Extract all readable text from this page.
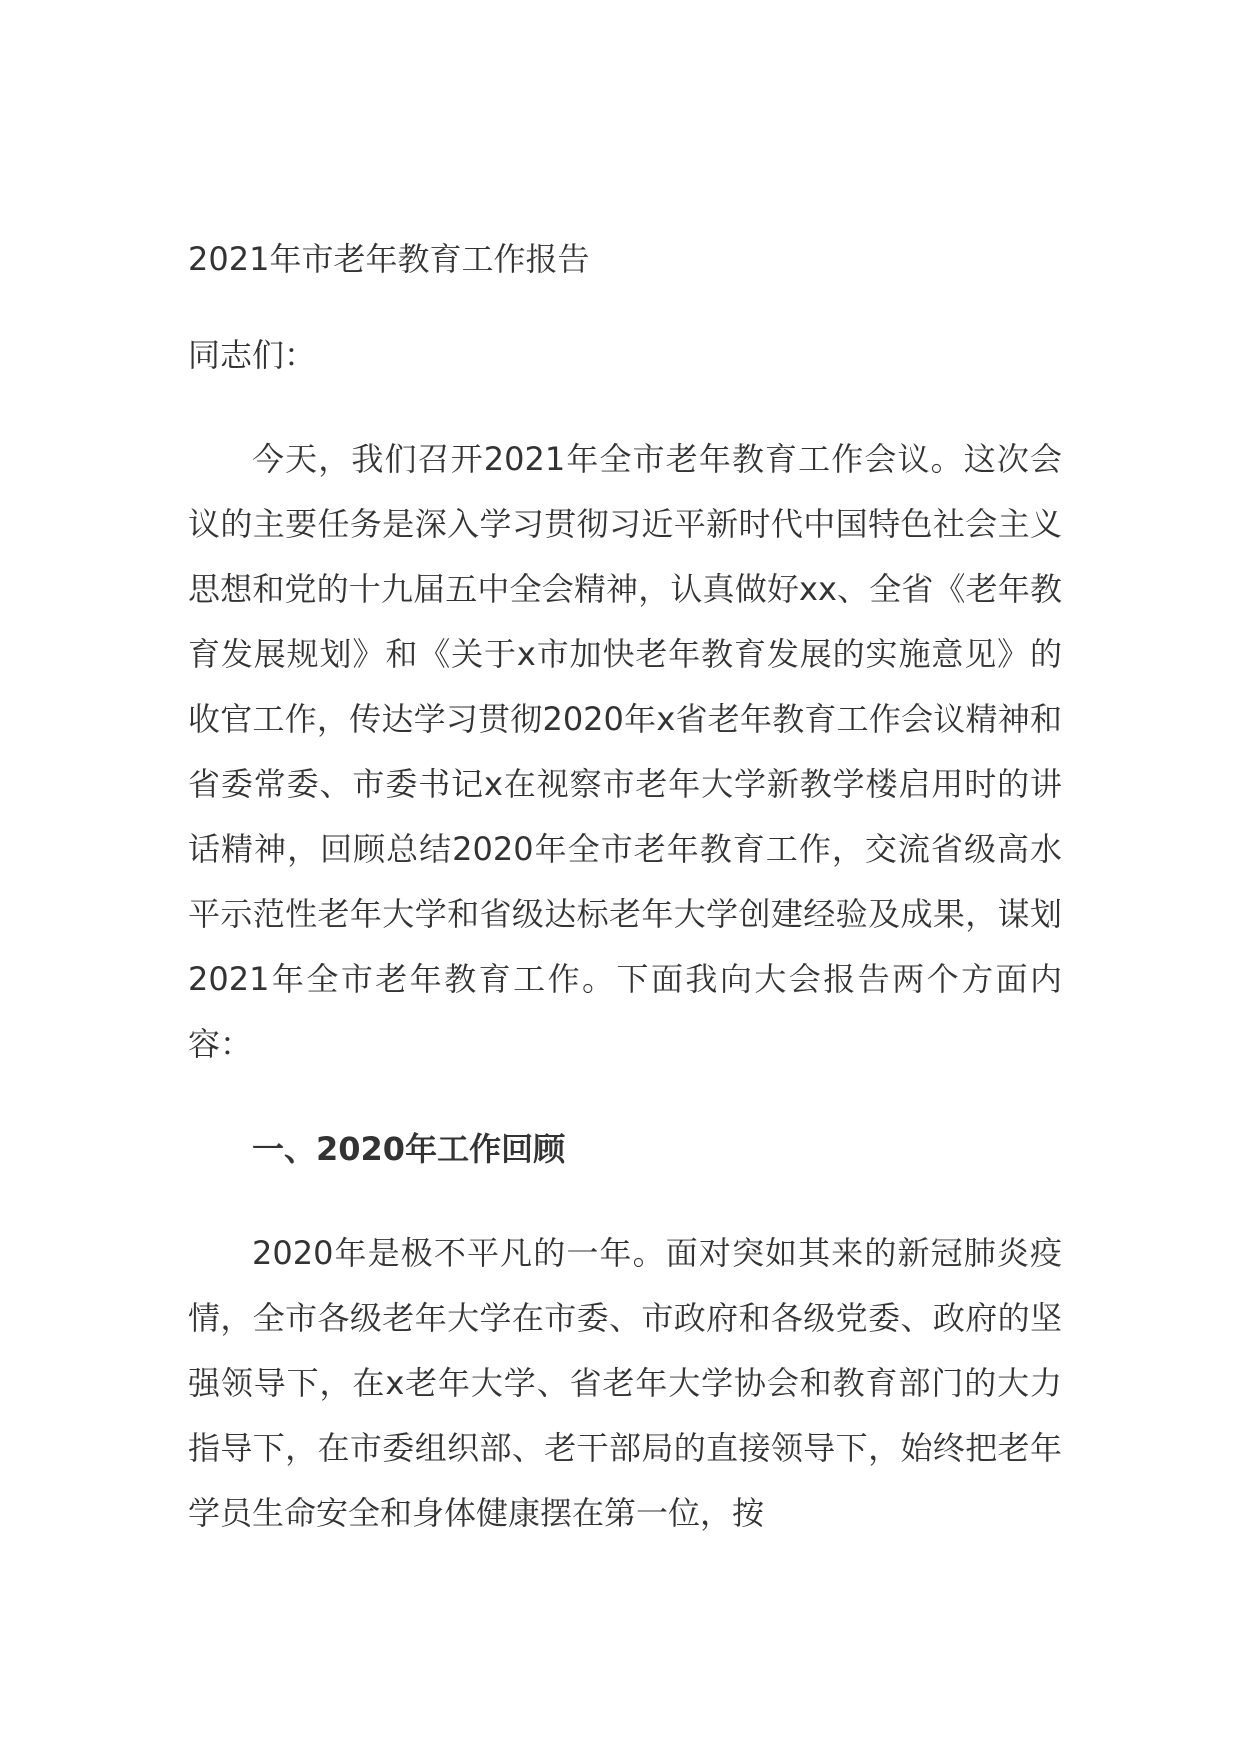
2021年市老年教育工作报告

同志们：

今天，我们召开2021年全市老年教育工作会议。这次会议的主要任务是深入学习贯彻习近平新时代中国特色社会主义思想和党的十九届五中全会精神，认真做好xx、全省《老年教育发展规划》和《关于x市加快老年教育发展的实施意见》的收官工作，传达学习贯彻2020年x省老年教育工作会议精神和省委常委、市委书记x在视察市老年大学新教学楼启用时的讲话精神，回顾总结2020年全市老年教育工作，交流省级高水平示范性老年大学和省级达标老年大学创建经验及成果，谋划2021年全市老年教育工作。下面我向大会报告两个方面内容：

一、2020年工作回顾

2020年是极不平凡的一年。面对突如其来的新冠肺炎疫情，全市各级老年大学在市委、市政府和各级党委、政府的坚强领导下，在x老年大学、省老年大学协会和教育部门的大力指导下，在市委组织部、老干部局的直接领导下，始终把老年学员生命安全和身体健康摆在第一位，按
